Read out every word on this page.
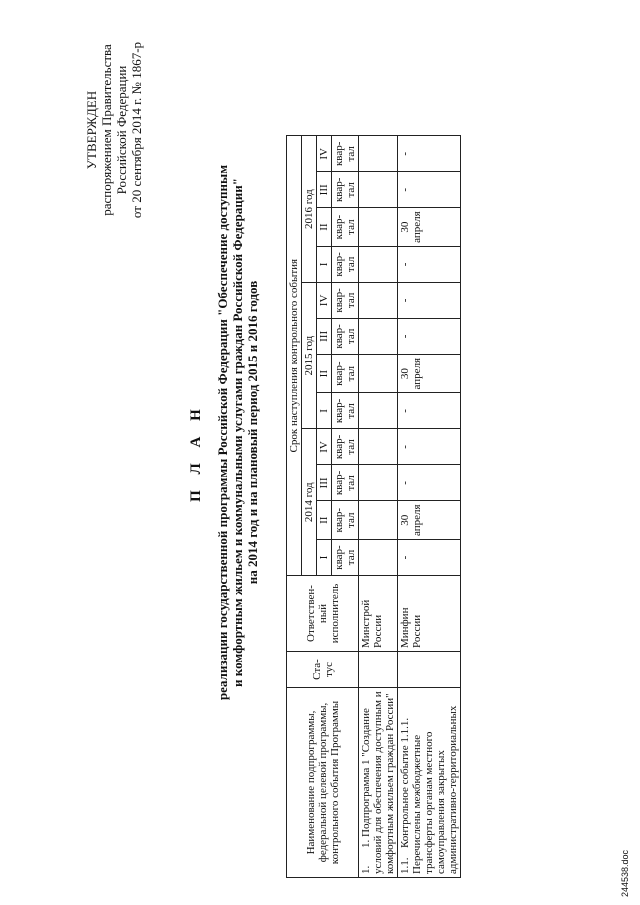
УТВЕРЖДЕН распоряжением Правительства Российской Федерации от 20 сентября 2014 г. № 1867-р
П Л А Н реализации государственной программы Российской Федерации "Обеспечение доступным и комфортным жильем и коммунальными услугами граждан Российской Федерации" на 2014 год и на плановый период 2015 и 2016 годов
Наименование подпрограммы, федеральной целевой программы, контрольного события Программы	Ста-тус	Ответствен-ный исполнитель	Срок наступления контрольного события											
			2014 год				2015 год				2016 год			
			I	II	III	IV	I	II	III	IV	I	II	III	IV
			квар-тал	квар-тал	квар-тал	квар-тал	квар-тал	квар-тал	квар-тал	квар-тал	квар-тал	квар-тал	квар-тал	квар-тал
1.1. Подпрограмма 1 "Создание условий для обеспечения доступным и комфортным жильем граждан России"		Минстрой России												
1.1.Контрольное событие 1.1.1. Перечислены межбюджетные трансферты органам местного самоуправления закрытых административно-территориальных		Минфин России	-	30 апреля	-	-	-	30 апреля	-	-	-	30 апреля	-	-
244538.doc
